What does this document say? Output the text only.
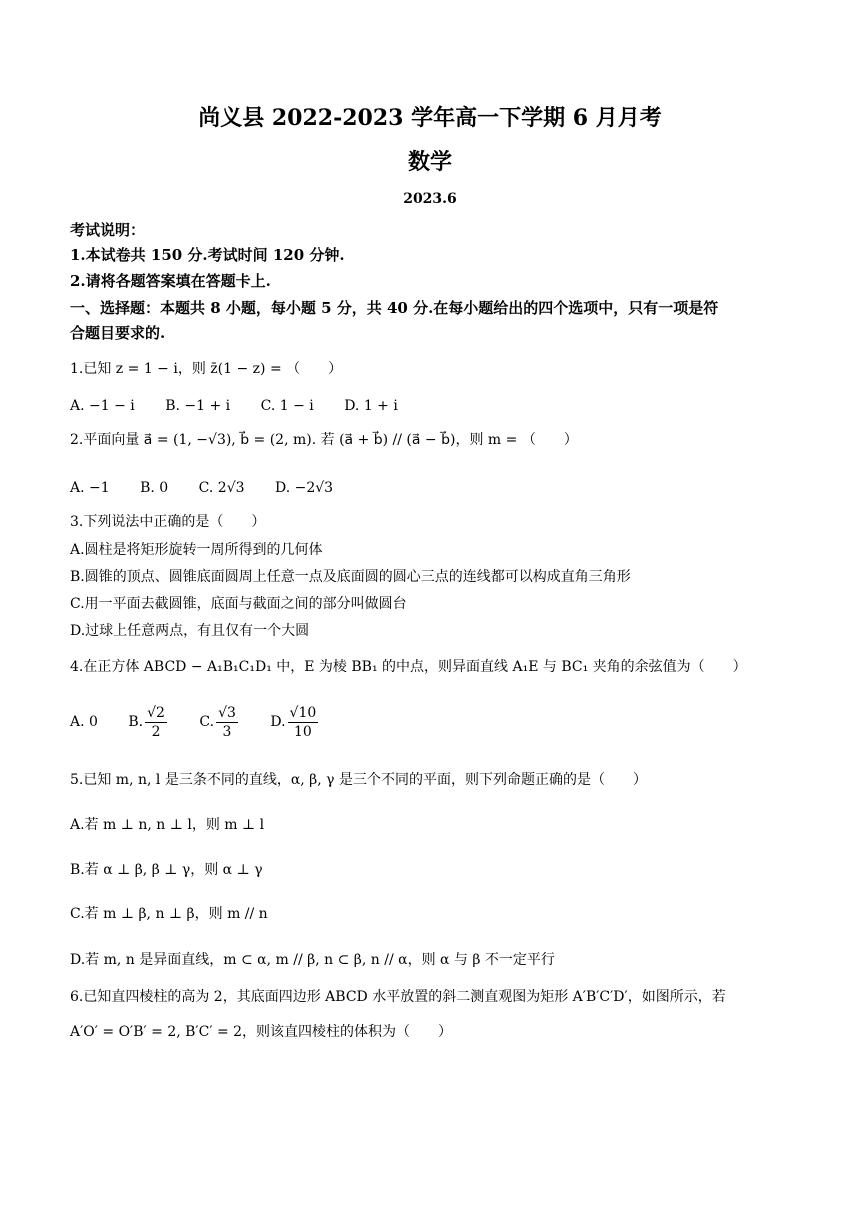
尚义县 2022-2023 学年高一下学期 6 月月考
数学
2023.6
考试说明：
1.本试卷共 150 分.考试时间 120 分钟.
2.请将各题答案填在答题卡上.
一、选择题：本题共 8 小题，每小题 5 分，共 40 分.在每小题给出的四个选项中，只有一项是符
合题目要求的.
1.已知 z = 1 − i，则 z̄(1 − z) = （　　）
A. −1 − i B. −1 + i C. 1 − i D. 1 + i
2.平面向量 a⃗ = (1, −√3), b⃗ = (2, m). 若 (a⃗ + b⃗) // (a⃗ − b⃗)，则 m = （　　）
A. −1 B. 0 C. 2√3 D. −2√3
3.下列说法中正确的是（　　）
A.圆柱是将矩形旋转一周所得到的几何体
B.圆锥的顶点、圆锥底面圆周上任意一点及底面圆的圆心三点的连线都可以构成直角三角形
C.用一平面去截圆锥，底面与截面之间的部分叫做圆台
D.过球上任意两点，有且仅有一个大圆
4.在正方体 ABCD − A₁B₁C₁D₁ 中，E 为棱 BB₁ 的中点，则异面直线 A₁E 与 BC₁ 夹角的余弦值为（　　）
A. 0 B. $\frac{√2}{2} C$. $\frac{√3}{3} D$. $\frac{√10}{10}$
5.已知 m, n, l 是三条不同的直线，α, β, γ 是三个不同的平面，则下列命题正确的是（　　）
A.若 m ⊥ n, n ⊥ l，则 m ⊥ l
B.若 α ⊥ β, β ⊥ γ，则 α ⊥ γ
C.若 m ⊥ β, n ⊥ β，则 m // n
D.若 m, n 是异面直线，m ⊂ α, m // β, n ⊂ β, n // α，则 α 与 β 不一定平行
6.已知直四棱柱的高为 2，其底面四边形 ABCD 水平放置的斜二测直观图为矩形 A′B′C′D′，如图所示，若
A′O′ = O′B′ = 2, B′C′ = 2，则该直四棱柱的体积为（　　）
